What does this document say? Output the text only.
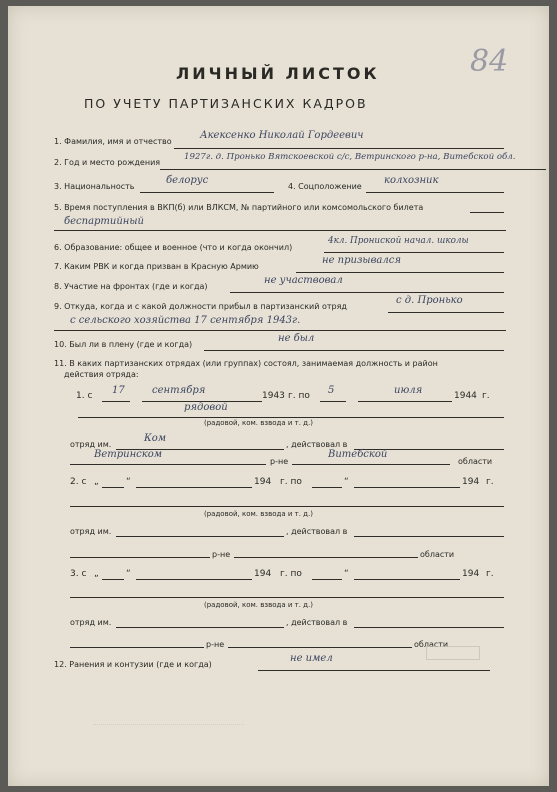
84
ЛИЧНЫЙ ЛИСТОК
ПО УЧЕТУ ПАРТИЗАНСКИХ КАДРОВ
1. Фамилия, имя и отчество
Акексенко Николай Гордеевич
2. Год и место рождения
1927г. д. Пронько Вятскоевской с/с, Ветринского р-на, Витебской обл.
3. Национальность
белорус
4. Соцположение
колхозник
5. Время поступления в ВКП(б) или ВЛКСМ, № партийного или комсомольского билета
беспартийный
6. Образование: общее и военное (что и когда окончил)
4кл. Прониской начал. школы
7. Каким РВК и когда призван в Красную Армию
не призывался
8. Участие на фронтах (где и когда)
не участвовал
9. Откуда, когда и с какой должности прибыл в партизанский отряд
с д. Пронько
с сельского хозяйства 17 сентября 1943г.
10. Был ли в плену (где и когда)
не был
11. В каких партизанских отрядах (или группах) состоял, занимаемая должность и район
действия отряда:
1. с 17	сентября	1943 г. по 5	июля	1944 г.
рядовой
(радовой, ком. взвода и т. д.)
отряд им.
Ком
, действовал в
Ветринском
р-не
Витебской
области
2. с „	“	194 г. по	“	194 г.
(радовой, ком. взвода и т. д.)
отряд им.	, действовал в
р-не	области
3. с „	“	194 г. по	“	194 г.
(радовой, ком. взвода и т. д.)
отряд им.	, действовал в
р-не	области
12. Ранения и контузии (где и когда)
не имел
